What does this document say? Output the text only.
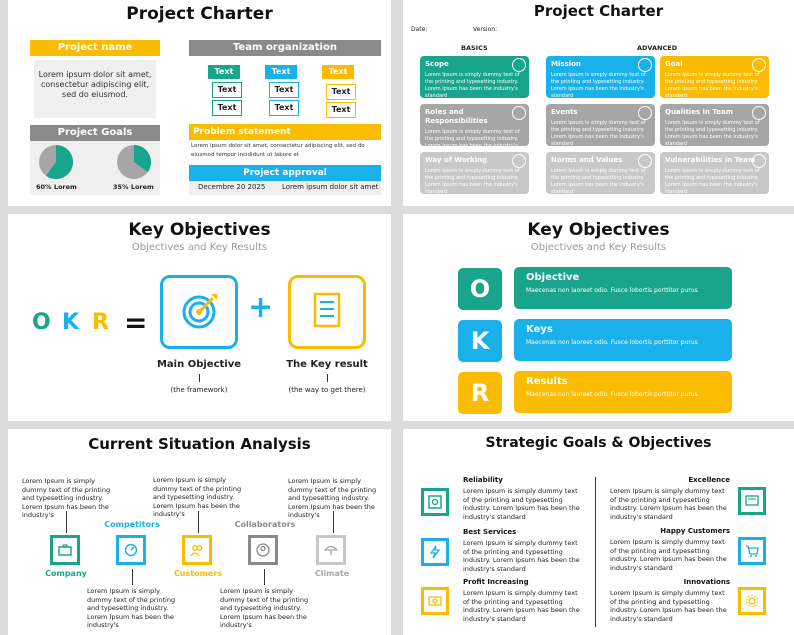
Project Charter
Project name
Lorem ipsum dolor sit amet, consectetur adipiscing elit, sed do eiusmod.
Project Goals
60% Lorem	35% Lorem
Team organization
Text	Text	Text
Text
Text
Text
Text
Text
Text
Problem statement
Lorem ipsum dolor sit amet, consectetur adipiscing elit, sed do eiusmod tempor incididunt ut labore et
Project approval
Decembre 20 2025 Lorem ipsum dolor sit amet
Project Charter
Date:	Version:
BASICS	ADVANCED
Scope
Lorem Ipsum is simply dummy text of the printing and typesetting industry. Lorem Ipsum has been the industry's standard
Mission
Lorem Ipsum is simply dummy text of the printing and typesetting industry. Lorem Ipsum has been the industry's standard
Goal
Lorem Ipsum is simply dummy text of the printing and typesetting industry. Lorem Ipsum has been the industry's standard
Roles and Responsibilities
Lorem Ipsum is simply dummy text of the printing and typesetting industry. Lorem Ipsum has been the industry's
Events
Lorem Ipsum is simply dummy text of the printing and typesetting industry. Lorem Ipsum has been the industry's standard
Qualities in Team
Lorem Ipsum is simply dummy text of the printing and typesetting industry. Lorem Ipsum has been the industry's standard
Way of Working
Lorem Ipsum is simply dummy text of the printing and typesetting industry. Lorem Ipsum has been the industry's standard
Norms and Values
Lorem Ipsum is simply dummy text of the printing and typesetting industry. Lorem Ipsum has been the industry's standard
Vulnerabilities in Team
Lorem Ipsum is simply dummy text of the printing and typesetting industry. Lorem Ipsum has been the industry's standard
Key Objectives
Objectives and Key Results
O K R =	+
Main Objective
(the framework)
The Key result
(the way to get there)
Key Objectives
Objectives and Key Results
O	Objective
Maecenas non laoreet odio. Fusce lobortis porttitor purus
K	Keys
Maecenas non laoreet odio. Fusce lobortis porttitor purus
R	Results
Maecenas non laoreet odio. Fusce lobortis porttitor purus
Current Situation Analysis
Lorem Ipsum is simply dummy text of the printing and typesetting industry. Lorem Ipsum has been the industry's
Lorem Ipsum is simply dummy text of the printing and typesetting industry. Lorem Ipsum has been the industry's
Lorem Ipsum is simply dummy text of the printing and typesetting industry. Lorem Ipsum has been the industry's
Lorem Ipsum is simply dummy text of the printing and typesetting industry. Lorem Ipsum has been the industry's
Lorem Ipsum is simply dummy text of the printing and typesetting industry. Lorem Ipsum has been the industry's
Competitors	Collaborators
Company	Customers	Climate
Strategic Goals & Objectives
Reliability
Lorem Ipsum is simply dummy text of the printing and typesetting industry. Lorem Ipsum has been the industry's standard
Best Services
Lorem Ipsum is simply dummy text of the printing and typesetting industry. Lorem Ipsum has been the industry's standard
Profit Increasing
Lorem Ipsum is simply dummy text of the printing and typesetting industry. Lorem Ipsum has been the industry's standard
Excellence
Lorem Ipsum is simply dummy text of the printing and typesetting industry. Lorem Ipsum has been the industry's standard
Happy Customers
Lorem Ipsum is simply dummy text of the printing and typesetting industry. Lorem Ipsum has been the industry's standard
Innovations
Lorem Ipsum is simply dummy text of the printing and typesetting industry. Lorem Ipsum has been the industry's standard
